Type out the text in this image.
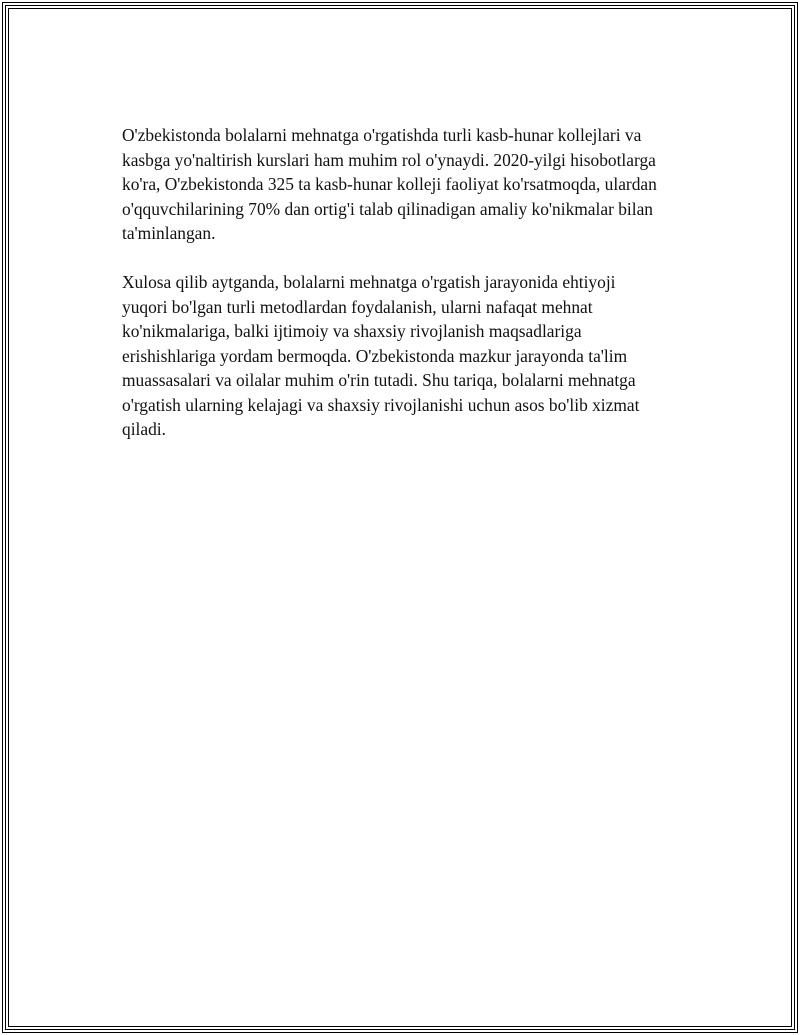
O'zbekistonda bolalarni mehnatga o'rgatishda turli kasb-hunar kollejlari va
kasbga yo'naltirish kurslari ham muhim rol o'ynaydi. 2020-yilgi hisobotlarga
ko'ra, O'zbekistonda 325 ta kasb-hunar kolleji faoliyat ko'rsatmoqda, ulardan
o'qquvchilarining 70% dan ortig'i talab qilinadigan amaliy ko'nikmalar bilan
ta'minlangan.

Xulosa qilib aytganda, bolalarni mehnatga o'rgatish jarayonida ehtiyoji
yuqori bo'lgan turli metodlardan foydalanish, ularni nafaqat mehnat
ko'nikmalariga, balki ijtimoiy va shaxsiy rivojlanish maqsadlariga
erishishlariga yordam bermoqda. O'zbekistonda mazkur jarayonda ta'lim
muassasalari va oilalar muhim o'rin tutadi. Shu tariqa, bolalarni mehnatga
o'rgatish ularning kelajagi va shaxsiy rivojlanishi uchun asos bo'lib xizmat
qiladi.
